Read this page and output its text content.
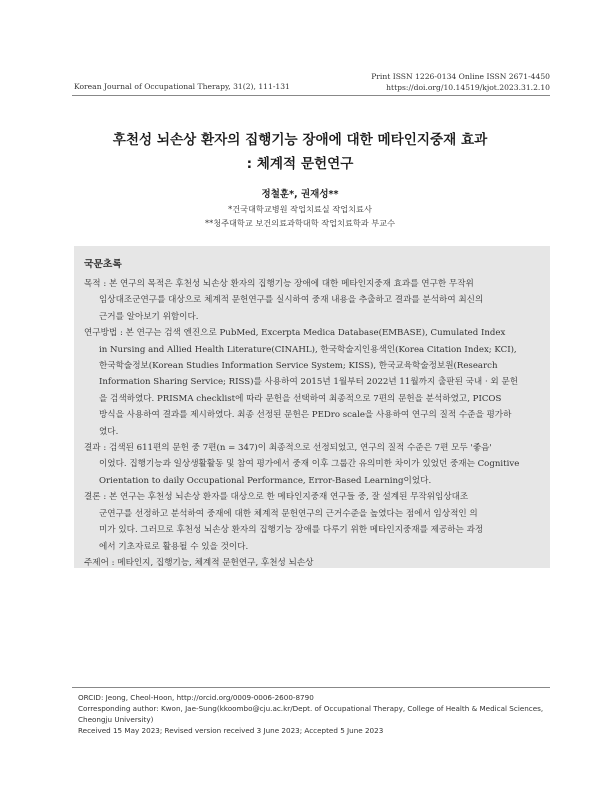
Print ISSN 1226-0134 Online ISSN 2671-4450
https://doi.org/10.14519/kjot.2023.31.2.10
Korean Journal of Occupational Therapy, 31(2), 111-131
후천성 뇌손상 환자의 집행기능 장애에 대한 메타인지중재 효과
: 체계적 문헌연구
정철훈*, 권재성**
*건국대학교병원 작업치료실 작업치료사
**청주대학교 보건의료과학대학 작업치료학과 부교수
국문초록
목적 : 본 연구의 목적은 후천성 뇌손상 환자의 집행기능 장애에 대한 메타인지중재 효과를 연구한 무작위
임상대조군연구를 대상으로 체계적 문헌연구를 실시하여 중재 내용을 추출하고 결과를 분석하여 최신의
근거를 알아보기 위함이다.
연구방법 : 본 연구는 검색 엔진으로 PubMed, Excerpta Medica Database(EMBASE), Cumulated Index
in Nursing and Allied Health Literature(CINAHL), 한국학술지인용색인(Korea Citation Index; KCI),
한국학술정보(Korean Studies Information Service System; KISS), 한국교육학술정보원(Research
Information Sharing Service; RISS)를 사용하여 2015년 1월부터 2022년 11월까지 출판된 국내 · 외 문헌
을 검색하였다. PRISMA checklist에 따라 문헌을 선택하여 최종적으로 7편의 문헌을 분석하였고, PICOS
방식을 사용하여 결과를 제시하였다. 최종 선정된 문헌은 PEDro scale을 사용하여 연구의 질적 수준을 평가하
였다.
결과 : 검색된 611편의 문헌 중 7편(n = 347)이 최종적으로 선정되었고, 연구의 질적 수준은 7편 모두 '좋음'
이었다. 집행기능과 일상생활활동 및 참여 평가에서 중재 이후 그룹간 유의미한 차이가 있었던 중재는 Cognitive
Orientation to daily Occupational Performance, Error-Based Learning이었다.
결론 : 본 연구는 후천성 뇌손상 환자를 대상으로 한 메타인지중재 연구들 중, 잘 설계된 무작위임상대조
군연구를 선정하고 분석하여 중재에 대한 체계적 문헌연구의 근거수준을 높였다는 점에서 임상적인 의
미가 있다. 그러므로 후천성 뇌손상 환자의 집행기능 장애를 다루기 위한 메타인지중재를 제공하는 과정
에서 기초자료로 활용될 수 있을 것이다.
주제어 : 메타인지, 집행기능, 체계적 문헌연구, 후천성 뇌손상
ORCID: Jeong, Cheol-Hoon, http://orcid.org/0009-0006-2600-8790
Corresponding author: Kwon, Jae-Sung(kkoombo@cju.ac.kr/Dept. of Occupational Therapy, College of Health & Medical Sciences,
Cheongju University)
Received 15 May 2023; Revised version received 3 June 2023; Accepted 5 June 2023
